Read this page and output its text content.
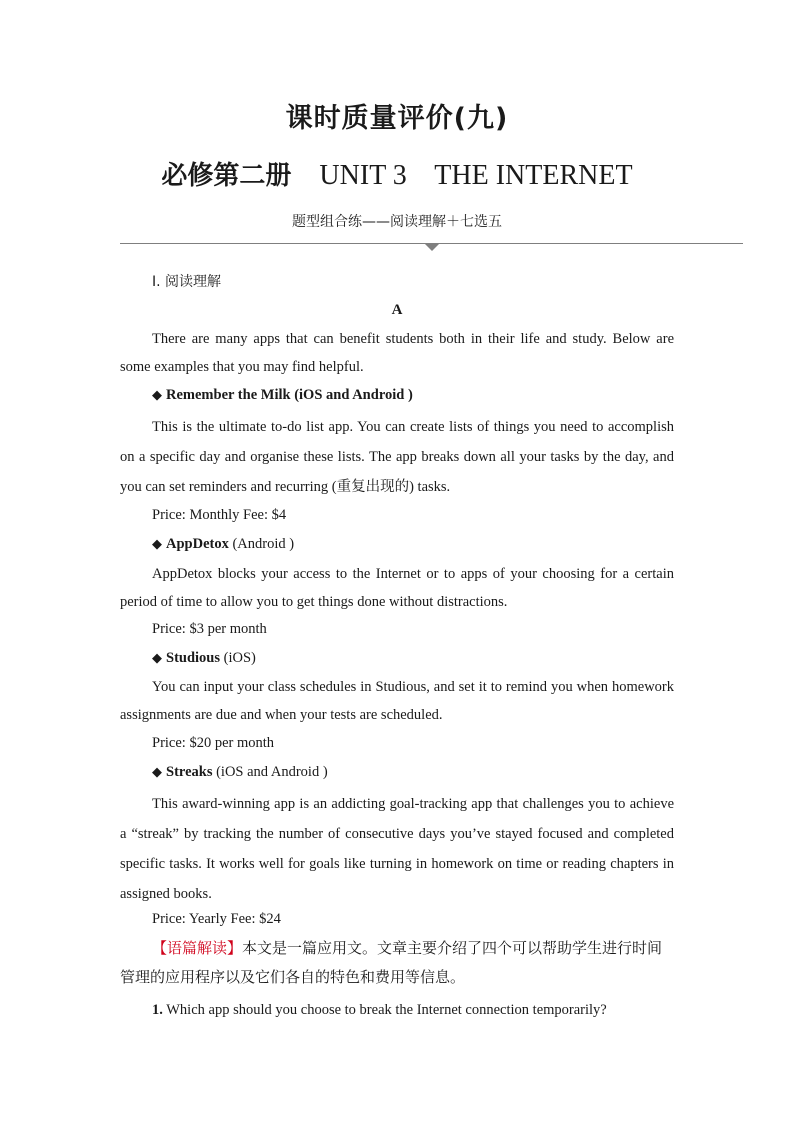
课时质量评价(九)
必修第二册 UNIT 3 THE INTERNET
题型组合练——阅读理解＋七选五
Ⅰ. 阅读理解
A
There are many apps that can benefit students both in their life and study. Below are some examples that you may find helpful.
◆ Remember the Milk (iOS and Android )
This is the ultimate to-do list app. You can create lists of things you need to accomplish on a specific day and organise these lists. The app breaks down all your tasks by the day, and you can set reminders and recurring (重复出现的) tasks.
Price: Monthly Fee: $4
◆ AppDetox (Android )
AppDetox blocks your access to the Internet or to apps of your choosing for a certain period of time to allow you to get things done without distractions.
Price: $3 per month
◆ Studious (iOS)
You can input your class schedules in Studious, and set it to remind you when homework assignments are due and when your tests are scheduled.
Price: $20 per month
◆ Streaks (iOS and Android )
This award-winning app is an addicting goal-tracking app that challenges you to achieve a “streak” by tracking the number of consecutive days you’ve stayed focused and completed specific tasks. It works well for goals like turning in homework on time or reading chapters in assigned books.
Price: Yearly Fee: $24
【语篇解读】本文是一篇应用文。文章主要介绍了四个可以帮助学生进行时间管理的应用程序以及它们各自的特色和费用等信息。
1. Which app should you choose to break the Internet connection temporarily?
